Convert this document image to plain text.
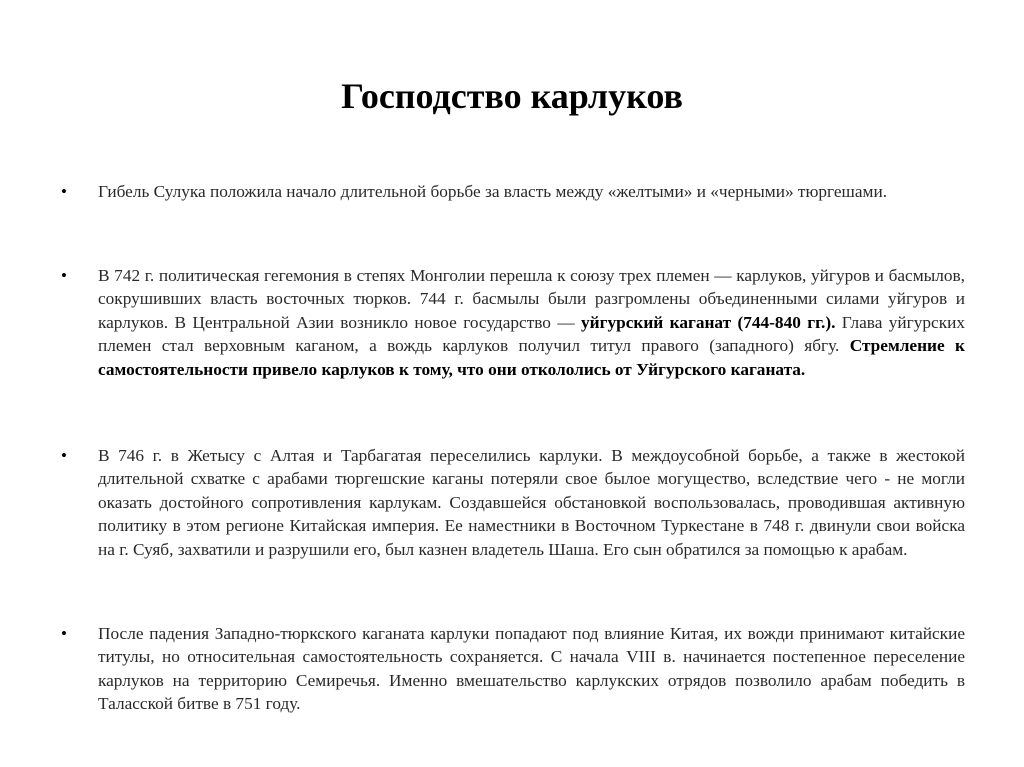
Господство карлуков
• Гибель Сулука положила начало длительной борьбе за власть между «желтыми» и «черными» тюргешами.
• В 742 г. политическая гегемония в степях Монголии перешла к союзу трех племен — карлуков, уйгуров и басмылов, сокрушивших власть восточных тюрков. 744 г. басмылы были разгромлены объединенными силами уйгуров и карлуков. В Центральной Азии возникло новое государство — уйгурский каганат (744-840 гг.). Глава уйгурских племен стал верховным каганом, а вождь карлуков получил титул правого (западного) ябгу. Стремление к самостоятельности привело карлуков к тому, что они откололись от Уйгурского каганата.
• В 746 г. в Жетысу с Алтая и Тарбагатая переселились карлуки. В междоусобной борьбе, а также в жестокой длительной схватке с арабами тюргешские каганы потеряли свое былое могущество, вследствие чего - не могли оказать достойного сопротивления карлукам. Создавшейся обстановкой воспользовалась, проводившая активную политику в этом регионе Китайская империя. Ее наместники в Восточном Туркестане в 748 г. двинули свои войска на г. Суяб, захватили и разрушили его, был казнен владетель Шаша. Его сын обратился за помощью к арабам.
• После падения Западно-тюркского каганата карлуки попадают под влияние Китая, их вожди принимают китайские титулы, но относительная самостоятельность сохраняется. С начала VIII в. начинается постепенное переселение карлуков на территорию Семиречья. Именно вмешательство карлукских отрядов позволило арабам победить в Таласской битве в 751 году.
